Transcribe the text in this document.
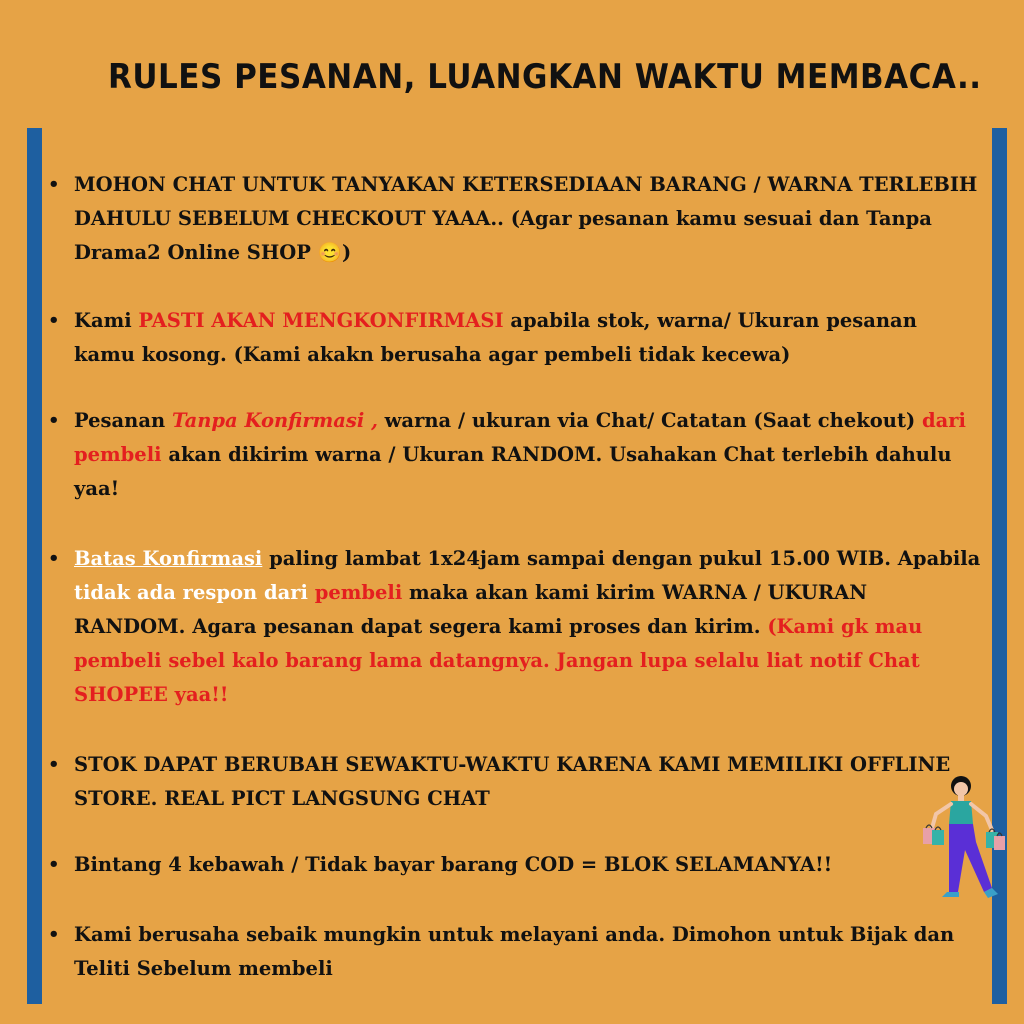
RULES PESANAN, LUANGKAN WAKTU MEMBACA..
• MOHON CHAT UNTUK TANYAKAN KETERSEDIAAN BARANG / WARNA TERLEBIH DAHULU SEBELUM CHECKOUT YAAA.. (Agar pesanan kamu sesuai dan Tanpa Drama2 Online SHOP 😊)
• Kami PASTI AKAN MENGKONFIRMASI apabila stok, warna/ Ukuran pesanan kamu kosong. (Kami akakn berusaha agar pembeli tidak kecewa)
• Pesanan Tanpa Konfirmasi , warna / ukuran via Chat/ Catatan (Saat chekout) dari pembeli akan dikirim warna / Ukuran RANDOM. Usahakan Chat terlebih dahulu yaa!
• Batas Konfirmasi paling lambat 1x24jam sampai dengan pukul 15.00 WIB. Apabila tidak ada respon dari pembeli maka akan kami kirim WARNA / UKURAN RANDOM. Agara pesanan dapat segera kami proses dan kirim. (Kami gk mau pembeli sebel kalo barang lama datangnya. Jangan lupa selalu liat notif Chat SHOPEE yaa!!
• STOK DAPAT BERUBAH SEWAKTU-WAKTU KARENA KAMI MEMILIKI OFFLINE STORE. REAL PICT LANGSUNG CHAT
• Bintang 4 kebawah / Tidak bayar barang COD = BLOK SELAMANYA!!
• Kami berusaha sebaik mungkin untuk melayani anda. Dimohon untuk Bijak dan Teliti Sebelum membeli
